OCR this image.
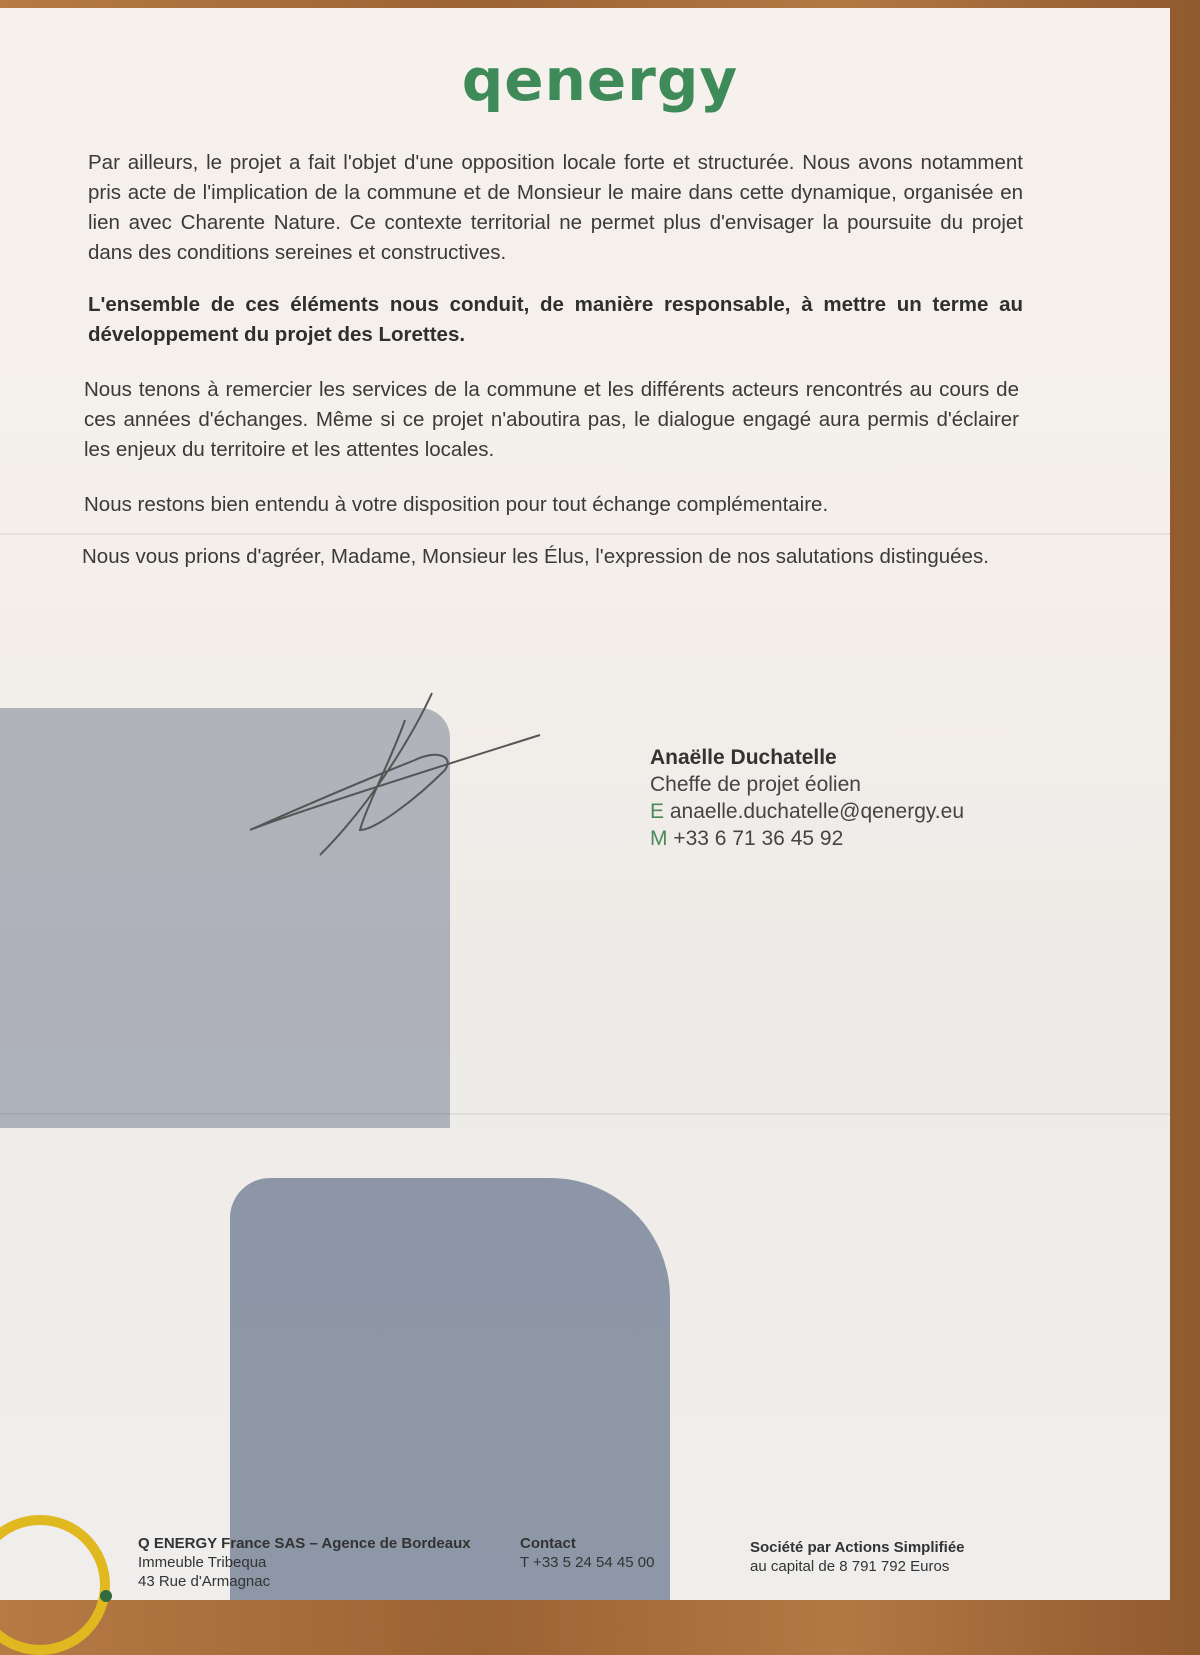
qenergy
Par ailleurs, le projet a fait l'objet d'une opposition locale forte et structurée. Nous avons notamment pris acte de l'implication de la commune et de Monsieur le maire dans cette dynamique, organisée en lien avec Charente Nature. Ce contexte territorial ne permet plus d'envisager la poursuite du projet dans des conditions sereines et constructives.
L'ensemble de ces éléments nous conduit, de manière responsable, à mettre un terme au développement du projet des Lorettes.
Nous tenons à remercier les services de la commune et les différents acteurs rencontrés au cours de ces années d'échanges. Même si ce projet n'aboutira pas, le dialogue engagé aura permis d'éclairer les enjeux du territoire et les attentes locales.
Nous restons bien entendu à votre disposition pour tout échange complémentaire.
Nous vous prions d'agréer, Madame, Monsieur les Élus, l'expression de nos salutations distinguées.
Anaëlle Duchatelle
Cheffe de projet éolien
E anaelle.duchatelle@qenergy.eu
M +33 6 71 36 45 92
Q ENERGY France SAS – Agence de Bordeaux
Immeuble Tribequa
43 Rue d'Armagnac
Contact
T +33 5 24 54 45 00
Société par Actions Simplifiée
au capital de 8 791 792 Euros
